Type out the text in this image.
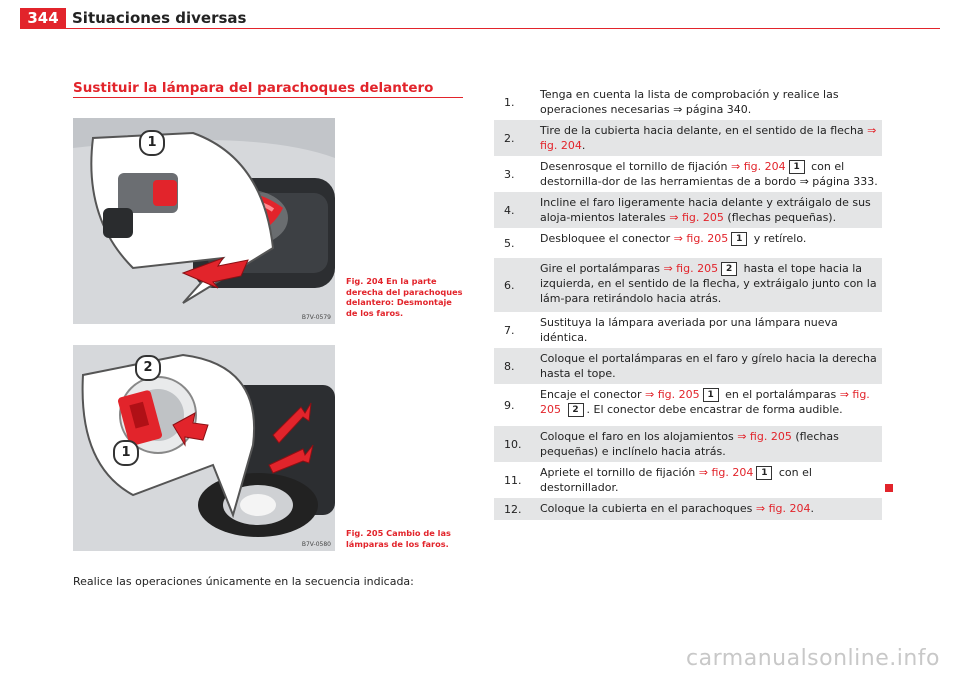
344 Situaciones diversas
Sustituir la lámpara del parachoques delantero
1
B7V-0579
Fig. 204 En la parte derecha del parachoques delantero: Desmontaje de los faros.
2
1
B7V-0580
Fig. 205 Cambio de las lámparas de los faros.
Realice las operaciones únicamente en la secuencia indicada:
1.
Tenga en cuenta la lista de comprobación y realice las operaciones necesarias ⇒ página 340.
2.
Tire de la cubierta hacia delante, en el sentido de la flecha ⇒ fig. 204.
3.
Desenrosque el tornillo de fijación ⇒ fig. 204 1 con el destornilla-dor de las herramientas de a bordo ⇒ página 333.
4.
Incline el faro ligeramente hacia delante y extráigalo de sus aloja-mientos laterales ⇒ fig. 205 (flechas pequeñas).
5.	Desbloquee el conector ⇒ fig. 205 1 y retírelo.
6.
Gire el portalámparas ⇒ fig. 205 2 hasta el tope hacia la izquierda, en el sentido de la flecha, y extráigalo junto con la lám-para retirándolo hacia atrás.
7.
Sustituya la lámpara averiada por una lámpara nueva idéntica.
8.
Coloque el portalámparas en el faro y gírelo hacia la derecha hasta el tope.
9.
Encaje el conector ⇒ fig. 205 1 en el portalámparas ⇒ fig. 205 2 . El conector debe encastrar de forma audible.
10.
Coloque el faro en los alojamientos ⇒ fig. 205 (flechas pequeñas) e inclínelo hacia atrás.
11.
Apriete el tornillo de fijación ⇒ fig. 204 1 con el destornillador.
12.	Coloque la cubierta en el parachoques ⇒ fig. 204.
carmanualsonline.info
